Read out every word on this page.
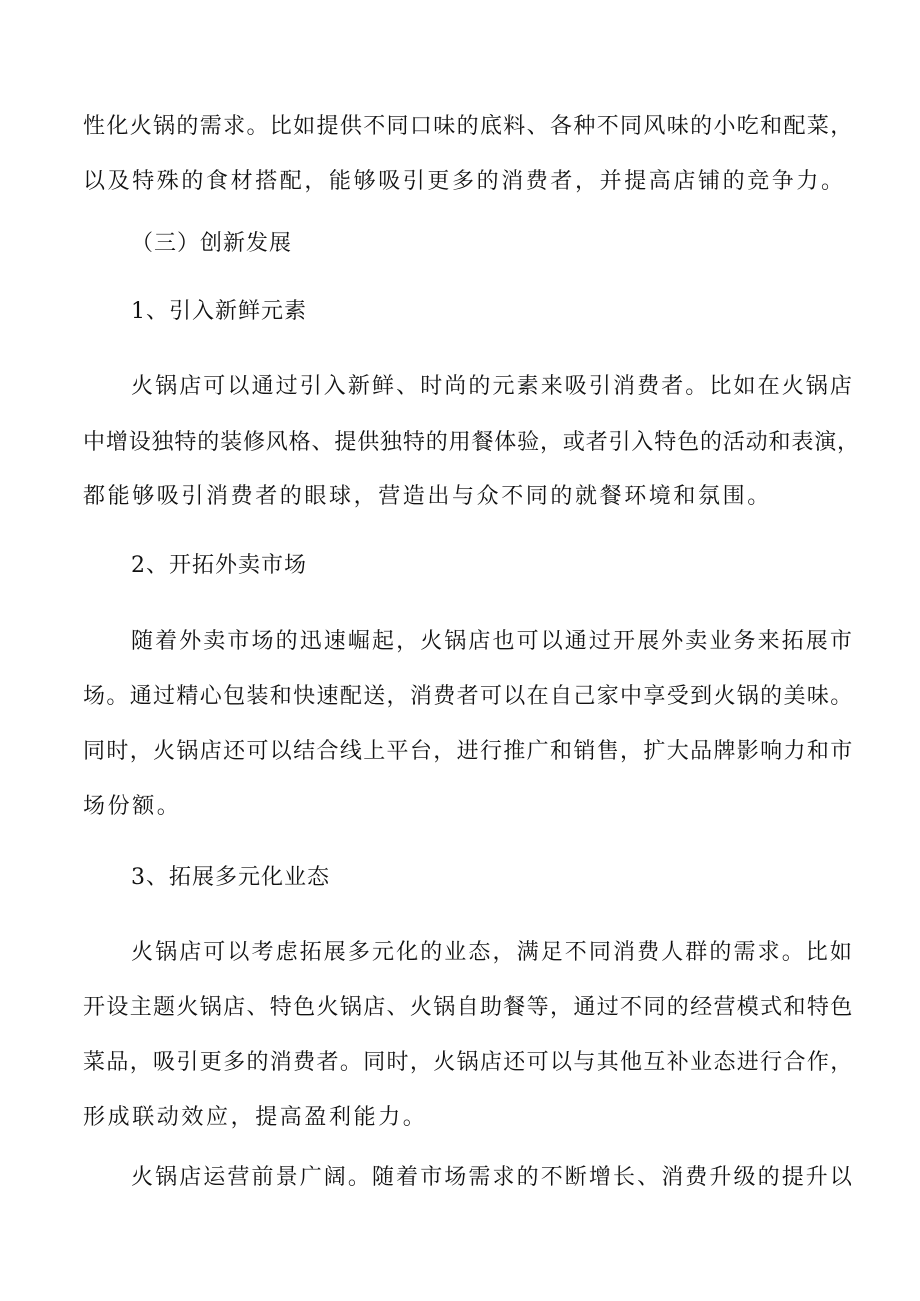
性化火锅的需求。比如提供不同口味的底料、各种不同风味的小吃和配菜，
以及特殊的食材搭配，能够吸引更多的消费者，并提高店铺的竞争力。
（三）创新发展
1、引入新鲜元素
火锅店可以通过引入新鲜、时尚的元素来吸引消费者。比如在火锅店
中增设独特的装修风格、提供独特的用餐体验，或者引入特色的活动和表演，
都能够吸引消费者的眼球，营造出与众不同的就餐环境和氛围。
2、开拓外卖市场
随着外卖市场的迅速崛起，火锅店也可以通过开展外卖业务来拓展市
场。通过精心包装和快速配送，消费者可以在自己家中享受到火锅的美味。
同时，火锅店还可以结合线上平台，进行推广和销售，扩大品牌影响力和市
场份额。
3、拓展多元化业态
火锅店可以考虑拓展多元化的业态，满足不同消费人群的需求。比如
开设主题火锅店、特色火锅店、火锅自助餐等，通过不同的经营模式和特色
菜品，吸引更多的消费者。同时，火锅店还可以与其他互补业态进行合作，
形成联动效应，提高盈利能力。
火锅店运营前景广阔。随着市场需求的不断增长、消费升级的提升以
